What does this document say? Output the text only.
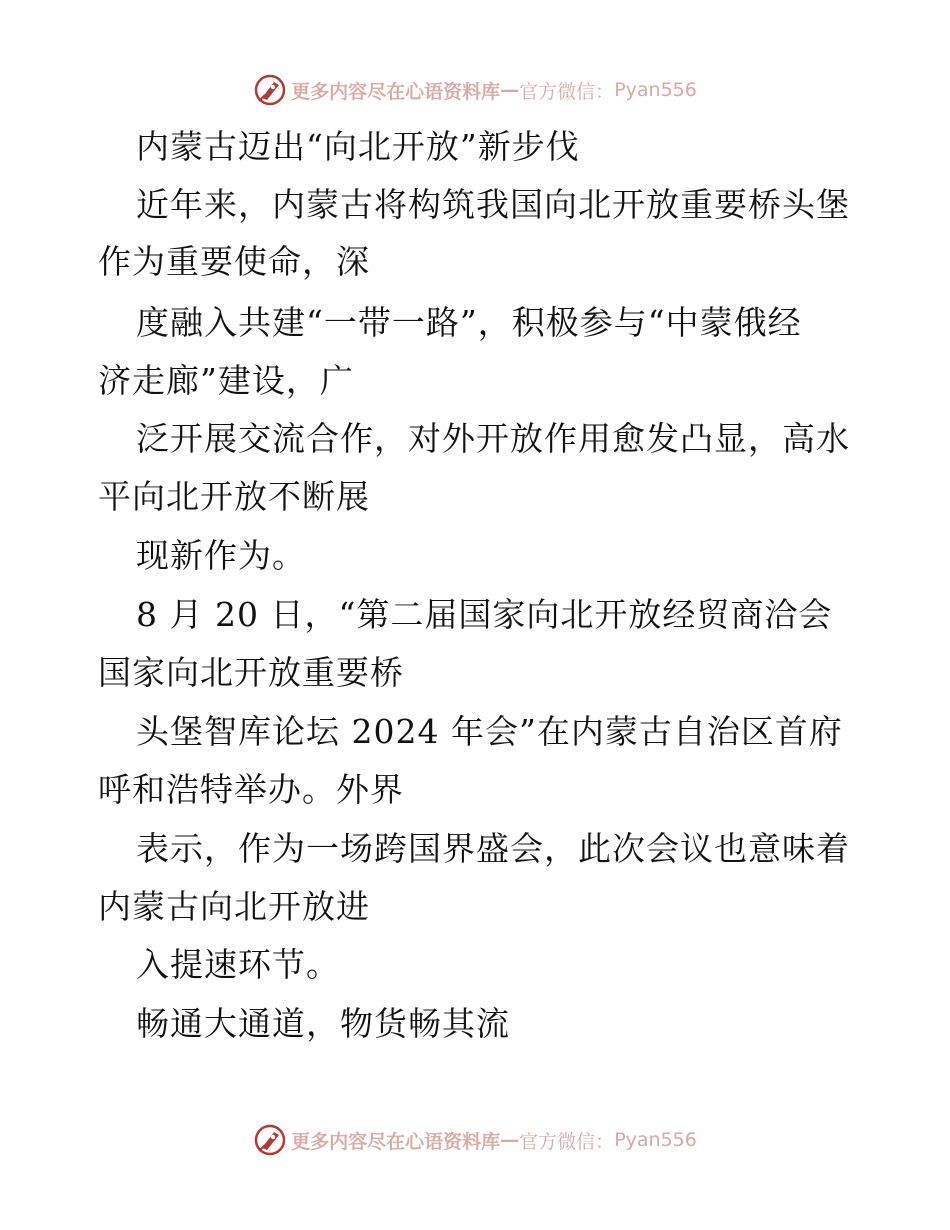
更多内容尽在心语资料库 — 官方微信： Pyan556
内蒙古迈出“向北开放”新步伐
近年来，内蒙古将构筑我国向北开放重要桥头堡
作为重要使命，深
度融入共建“一带一路”，积极参与“中蒙俄经
济走廊”建设，广
泛开展交流合作，对外开放作用愈发凸显，高水
平向北开放不断展
现新作为。
8 月 20 日，“第二届国家向北开放经贸商洽会
国家向北开放重要桥
头堡智库论坛 2024 年会”在内蒙古自治区首府
呼和浩特举办。外界
表示，作为一场跨国界盛会，此次会议也意味着
内蒙古向北开放进
入提速环节。
畅通大通道，物货畅其流
更多内容尽在心语资料库 — 官方微信： Pyan556
